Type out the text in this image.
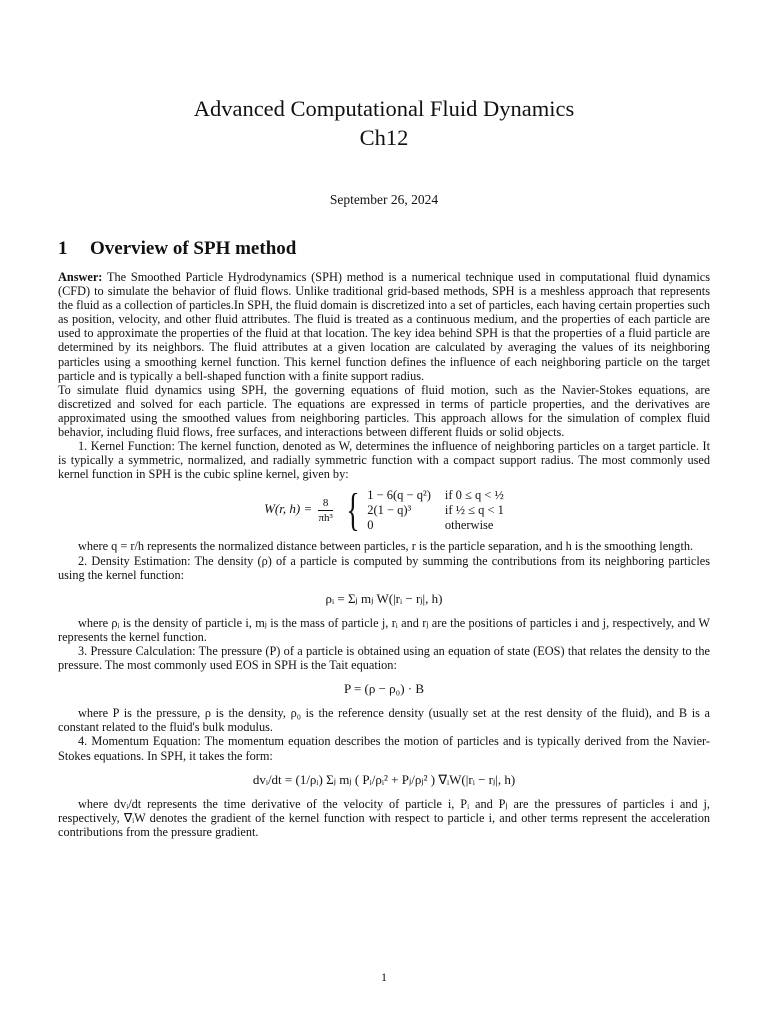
Advanced Computational Fluid Dynamics
Ch12
September 26, 2024
1 Overview of SPH method

Answer: The Smoothed Particle Hydrodynamics (SPH) method is a numerical technique used in computational fluid dynamics (CFD) to simulate the behavior of fluid flows. Unlike traditional grid-based methods, SPH is a meshless approach that represents the fluid as a collection of particles.In SPH, the fluid domain is discretized into a set of particles, each having certain properties such as position, velocity, and other fluid attributes. The fluid is treated as a continuous medium, and the properties of each particle are used to approximate the properties of the fluid at that location. The key idea behind SPH is that the properties of a fluid particle are determined by its neighbors. The fluid attributes at a given location are calculated by averaging the values of its neighboring particles using a smoothing kernel function. This kernel function defines the influence of each neighboring particle on the target particle and is typically a bell-shaped function with a finite support radius.

To simulate fluid dynamics using SPH, the governing equations of fluid motion, such as the Navier-Stokes equations, are discretized and solved for each particle. The equations are expressed in terms of particle properties, and the derivatives are approximated using the smoothed values from neighboring particles. This approach allows for the simulation of complex fluid behavior, including fluid flows, free surfaces, and interactions between different fluids or solid objects.

1. Kernel Function: The kernel function, denoted as W, determines the influence of neighboring particles on a target particle. It is typically a symmetric, normalized, and radially symmetric function with a compact support radius. The most commonly used kernel function in SPH is the cubic spline kernel, given by:

W(r, $h) = \frac{8}{\text{πh³}}$
{ 1 − 6(q − q²) if 0 ≤ q < ½
2(1 − q)³	if ½ ≤ q < 1
0	otherwise

where q = r/h represents the normalized distance between particles, r is the particle separation, and h is the smoothing length.

2. Density Estimation: The density (ρ) of a particle is computed by summing the contributions from its neighboring particles using the kernel function:

ρᵢ = Σⱼ mⱼ W(|rᵢ − rⱼ|, h)

where ρᵢ is the density of particle i, mⱼ is the mass of particle j, rᵢ and rⱼ are the positions of particles i and j, respectively, and W represents the kernel function.

3. Pressure Calculation: The pressure (P) of a particle is obtained using an equation of state (EOS) that relates the density to the pressure. The most commonly used EOS in SPH is the Tait equation:

P = (ρ − ρ₀) · B

where P is the pressure, ρ is the density, ρ₀ is the reference density (usually set at the rest density of the fluid), and B is a constant related to the fluid's bulk modulus.

4. Momentum Equation: The momentum equation describes the motion of particles and is typically derived from the Navier-Stokes equations. In SPH, it takes the form:

dvᵢ/dt = (1/ρᵢ) Σⱼ mⱼ ( Pᵢ/ρᵢ² + Pⱼ/ρⱼ² ) ∇ᵢW(|rᵢ − rⱼ|, h)

where dvᵢ/dt represents the time derivative of the velocity of particle i, Pᵢ and Pⱼ are the pressures of particles i and j, respectively, ∇ᵢW denotes the gradient of the kernel function with respect to particle i, and other terms represent the acceleration contributions from the pressure gradient.

1
